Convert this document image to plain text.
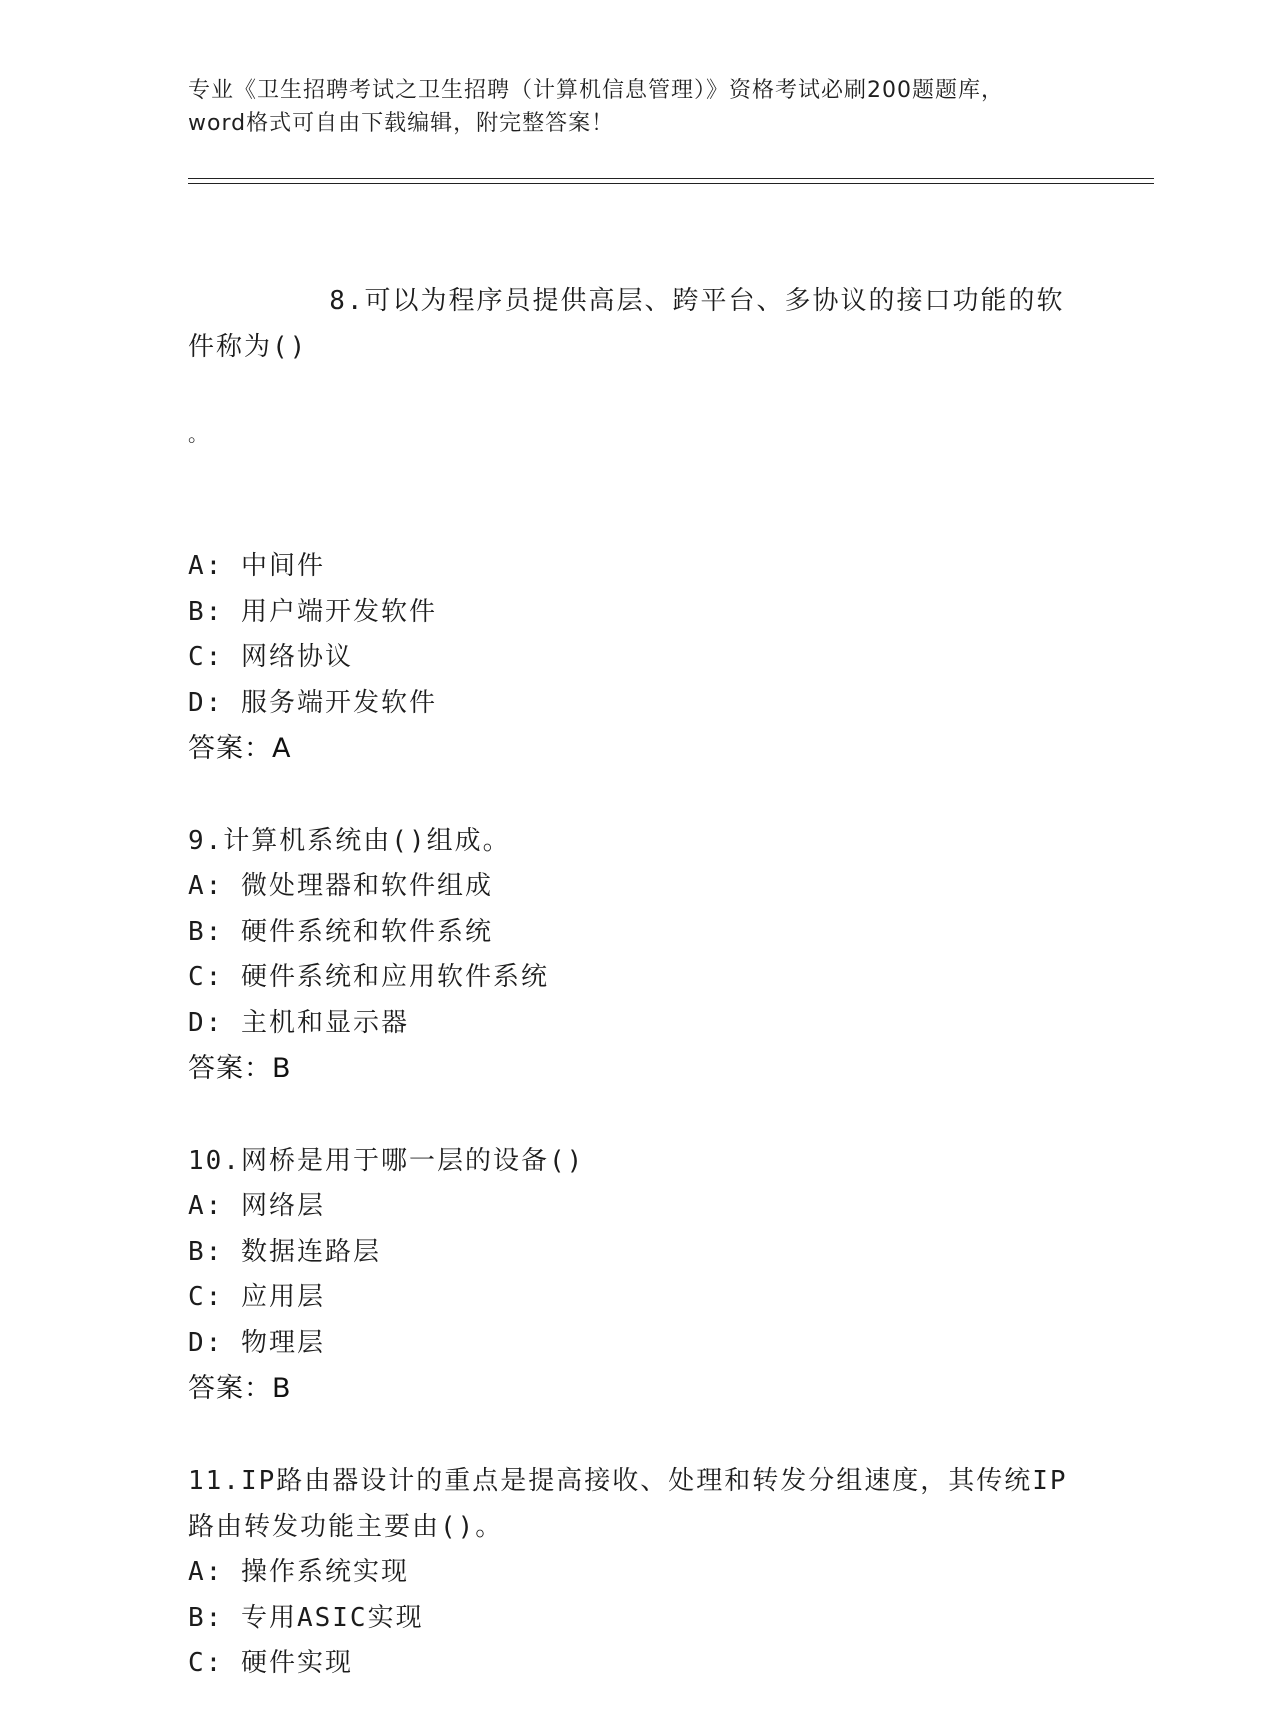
专业《卫生招聘考试之卫生招聘（计算机信息管理）》资格考试必刷200题题库，
word格式可自由下载编辑，附完整答案！

8.可以为程序员提供高层、跨平台、多协议的接口功能的软件称为()

。

A: 中间件
B: 用户端开发软件
C: 网络协议
D: 服务端开发软件
答案：A
9.计算机系统由()组成。
A: 微处理器和软件组成
B: 硬件系统和软件系统
C: 硬件系统和应用软件系统
D: 主机和显示器
答案：B
10.网桥是用于哪一层的设备()
A: 网络层
B: 数据连路层
C: 应用层
D: 物理层
答案：B
11.IP路由器设计的重点是提高接收、处理和转发分组速度，其传统IP路由转发功能主要由()。
A: 操作系统实现
B: 专用ASIC实现
C: 硬件实现
